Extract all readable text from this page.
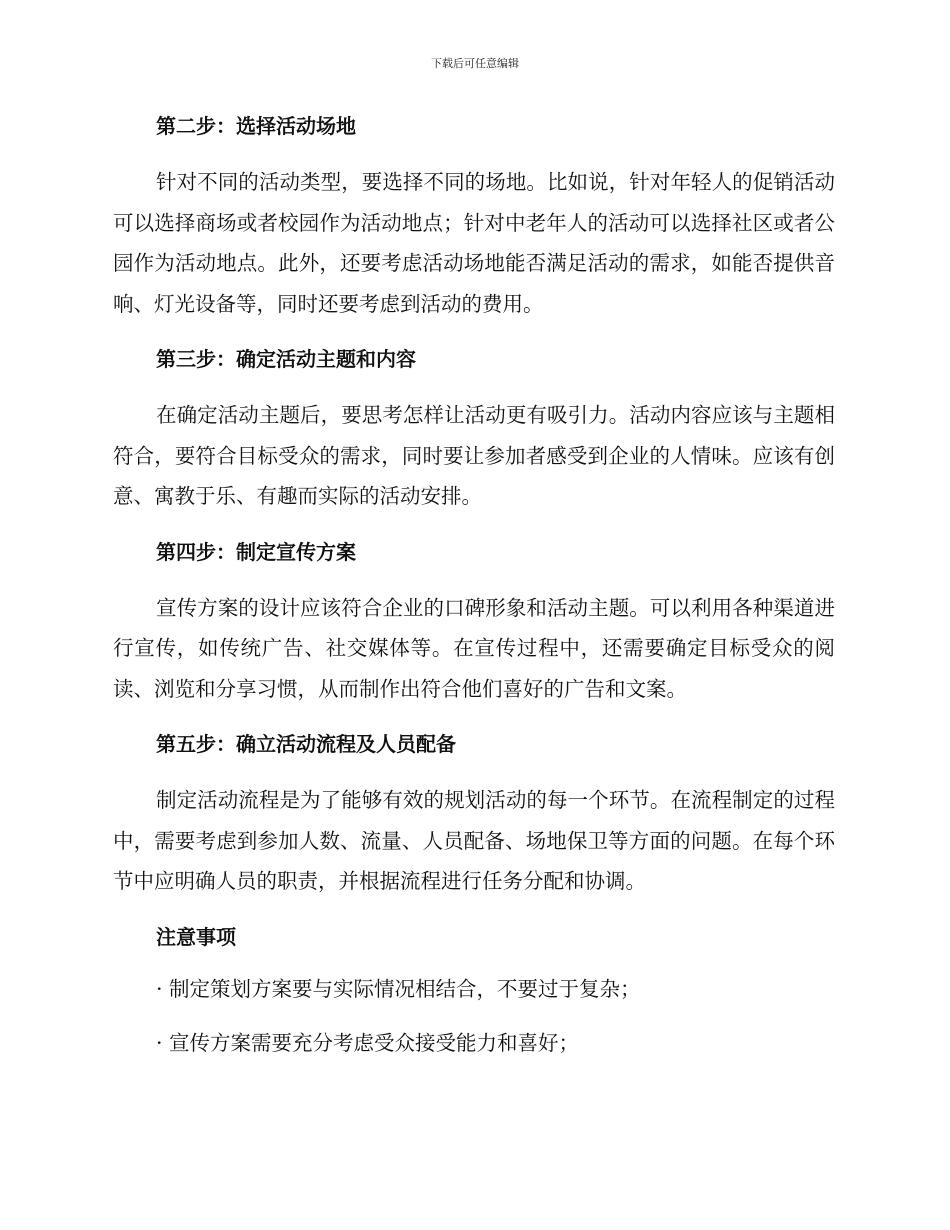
下载后可任意编辑
第二步：选择活动场地
针对不同的活动类型，要选择不同的场地。比如说，针对年轻人的促销活动可以选择商场或者校园作为活动地点；针对中老年人的活动可以选择社区或者公园作为活动地点。此外，还要考虑活动场地能否满足活动的需求，如能否提供音响、灯光设备等，同时还要考虑到活动的费用。
第三步：确定活动主题和内容
在确定活动主题后，要思考怎样让活动更有吸引力。活动内容应该与主题相符合，要符合目标受众的需求，同时要让参加者感受到企业的人情味。应该有创意、寓教于乐、有趣而实际的活动安排。
第四步：制定宣传方案
宣传方案的设计应该符合企业的口碑形象和活动主题。可以利用各种渠道进行宣传，如传统广告、社交媒体等。在宣传过程中，还需要确定目标受众的阅读、浏览和分享习惯，从而制作出符合他们喜好的广告和文案。
第五步：确立活动流程及人员配备
制定活动流程是为了能够有效的规划活动的每一个环节。在流程制定的过程中，需要考虑到参加人数、流量、人员配备、场地保卫等方面的问题。在每个环节中应明确人员的职责，并根据流程进行任务分配和协调。
注意事项
· 制定策划方案要与实际情况相结合，不要过于复杂；
· 宣传方案需要充分考虑受众接受能力和喜好；
